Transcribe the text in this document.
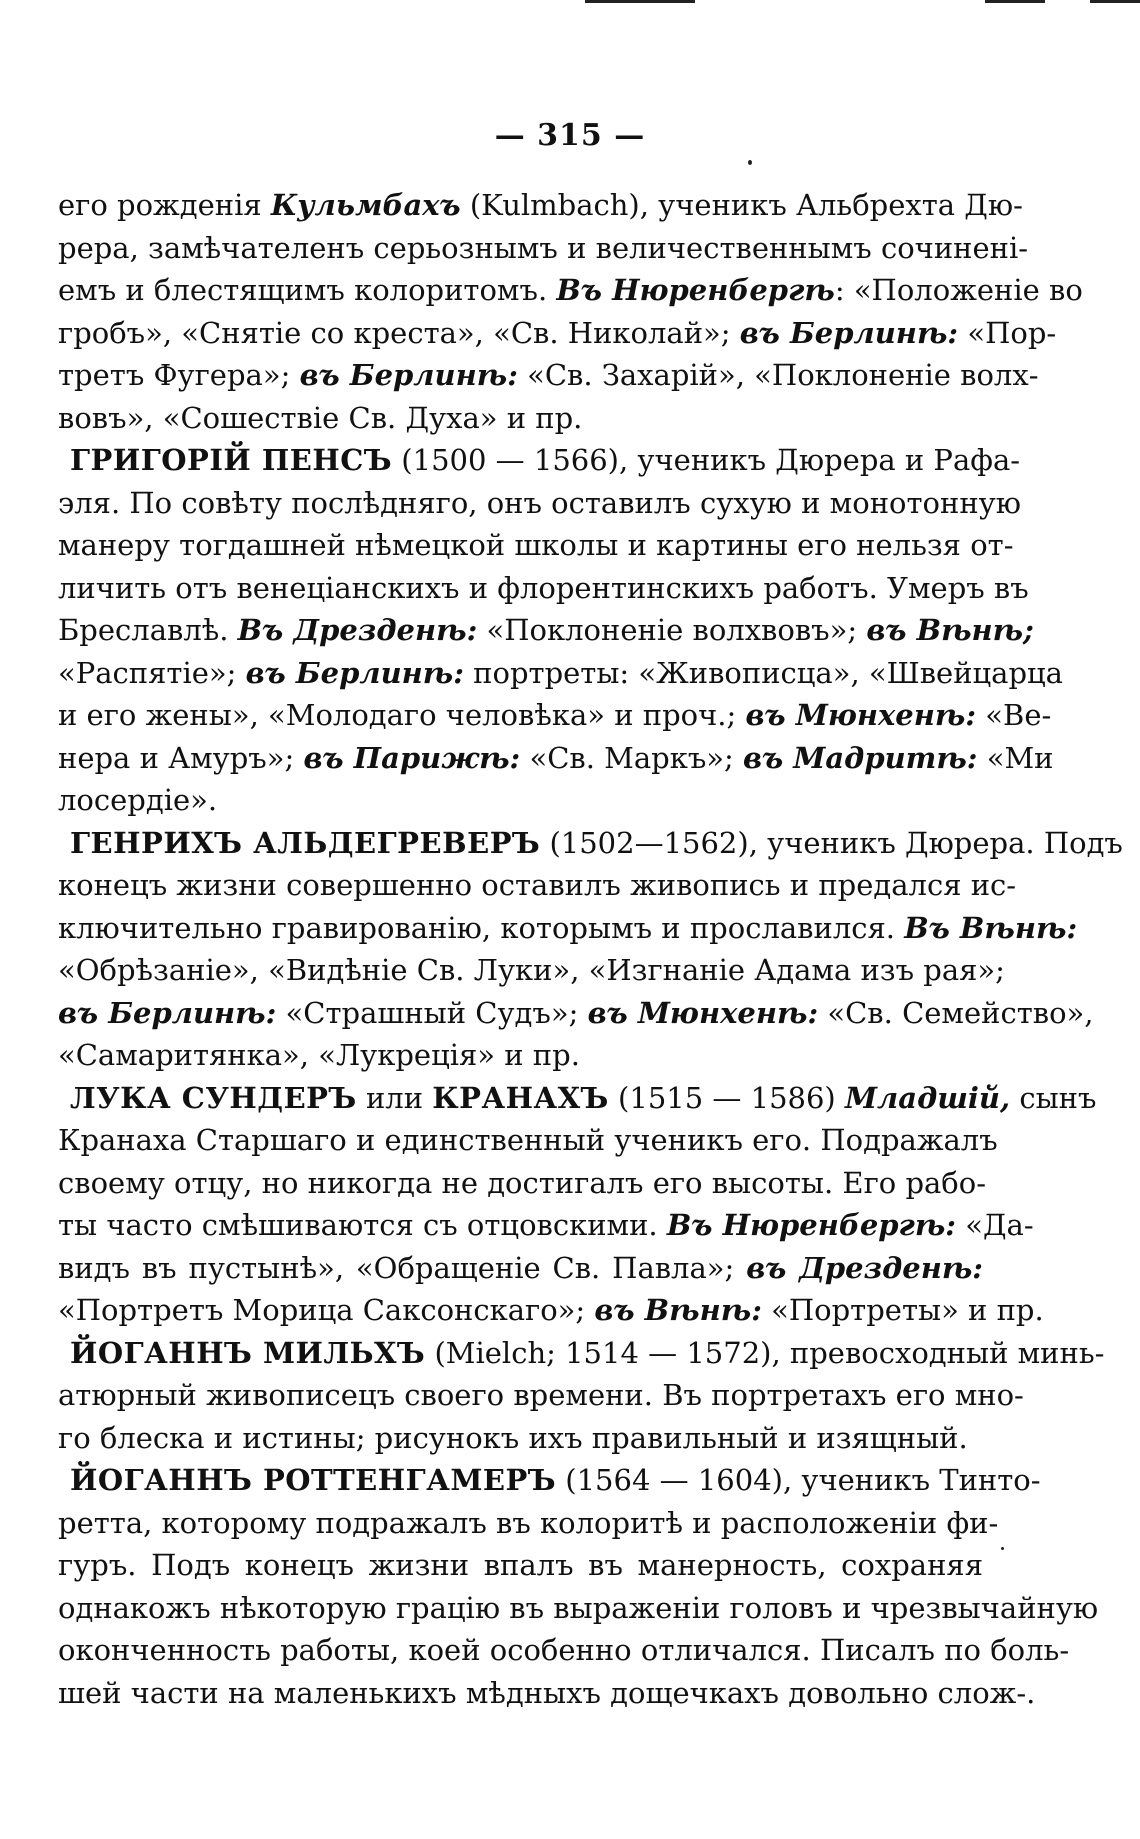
— 315 —
его рожденія Кульмбахъ (Kulmbach), ученикъ Альбрехта Дю-
рера, замѣчателенъ серьознымъ и величественнымъ сочиненi-
емъ и блестящимъ колоритомъ. Въ Нюренбергѣ: «Положеніе во
гробъ», «Снятіе со креста», «Св. Николай»; въ Берлинѣ: «Пор-
третъ Фугера»; въ Берлинѣ: «Св. Захарій», «Поклоненіе волх-
вовъ», «Сошествіе Св. Духа» и пр.
ГРИГОРІЙ ПЕНСЪ (1500 — 1566), ученикъ Дюрера и Рафа-
эля. По совѣту послѣдняго, онъ оставилъ сухую и монотонную
манеру тогдашней нѣмецкой школы и картины его нельзя от-
личить отъ венеціанскихъ и флорентинскихъ работъ. Умеръ въ
Бреславлѣ. Въ Дрезденѣ: «Поклоненіе волхвовъ»; въ Вѣнѣ;
«Распятіе»; въ Берлинѣ: портреты: «Живописца», «Швейцарца
и его жены», «Молодаго человѣка» и проч.; въ Мюнхенѣ: «Ве-
нера и Амуръ»; въ Парижѣ: «Св. Маркъ»; въ Мадритѣ: «Ми
лосердіе».
ГЕНРИХЪ АЛЬДЕГРЕВЕРЪ (1502—1562), ученикъ Дюрера. Подъ
конецъ жизни совершенно оставилъ живопись и предался ис-
ключительно гравированію, которымъ и прославился. Въ Вѣнѣ:
«Обрѣзаніе», «Видѣніе Св. Луки», «Изгнаніе Адама изъ рая»;
въ Берлинѣ: «Страшный Судъ»; въ Мюнхенѣ: «Св. Семейство»,
«Самаритянка», «Лукреція» и пр.
ЛУКА СУНДЕРЪ или КРАНАХЪ (1515 — 1586) Младшій, сынъ
Кранаха Старшаго и единственный ученикъ его. Подражалъ
своему отцу, но никогда не достигалъ его высоты. Его рабо-
ты часто смѣшиваются съ отцовскими. Въ Нюренбергѣ: «Да-
видъ въ пустынѣ», «Обращеніе Св. Павла»; въ Дрезденѣ:
«Портретъ Морица Саксонскаго»; въ Вѣнѣ: «Портреты» и пр.
ЙОГАННЪ МИЛЬХЪ (Mielch; 1514 — 1572), превосходный минь-
атюрный живописецъ своего времени. Въ портретахъ его мно-
го блеска и истины; рисунокъ ихъ правильный и изящный.
ЙОГАННЪ РОТТЕНГАМЕРЪ (1564 — 1604), ученикъ Тинто-
ретта, которому подражалъ въ колоритѣ и расположеніи фи-
гуръ. Подъ конецъ жизни впалъ въ манерность, сохраняя
однакожъ нѣкоторую грацію въ выраженіи головъ и чрезвычайную
оконченность работы, коей особенно отличался. Писалъ по боль-
шей части на маленькихъ мѣдныхъ дощечкахъ довольно слож-.
